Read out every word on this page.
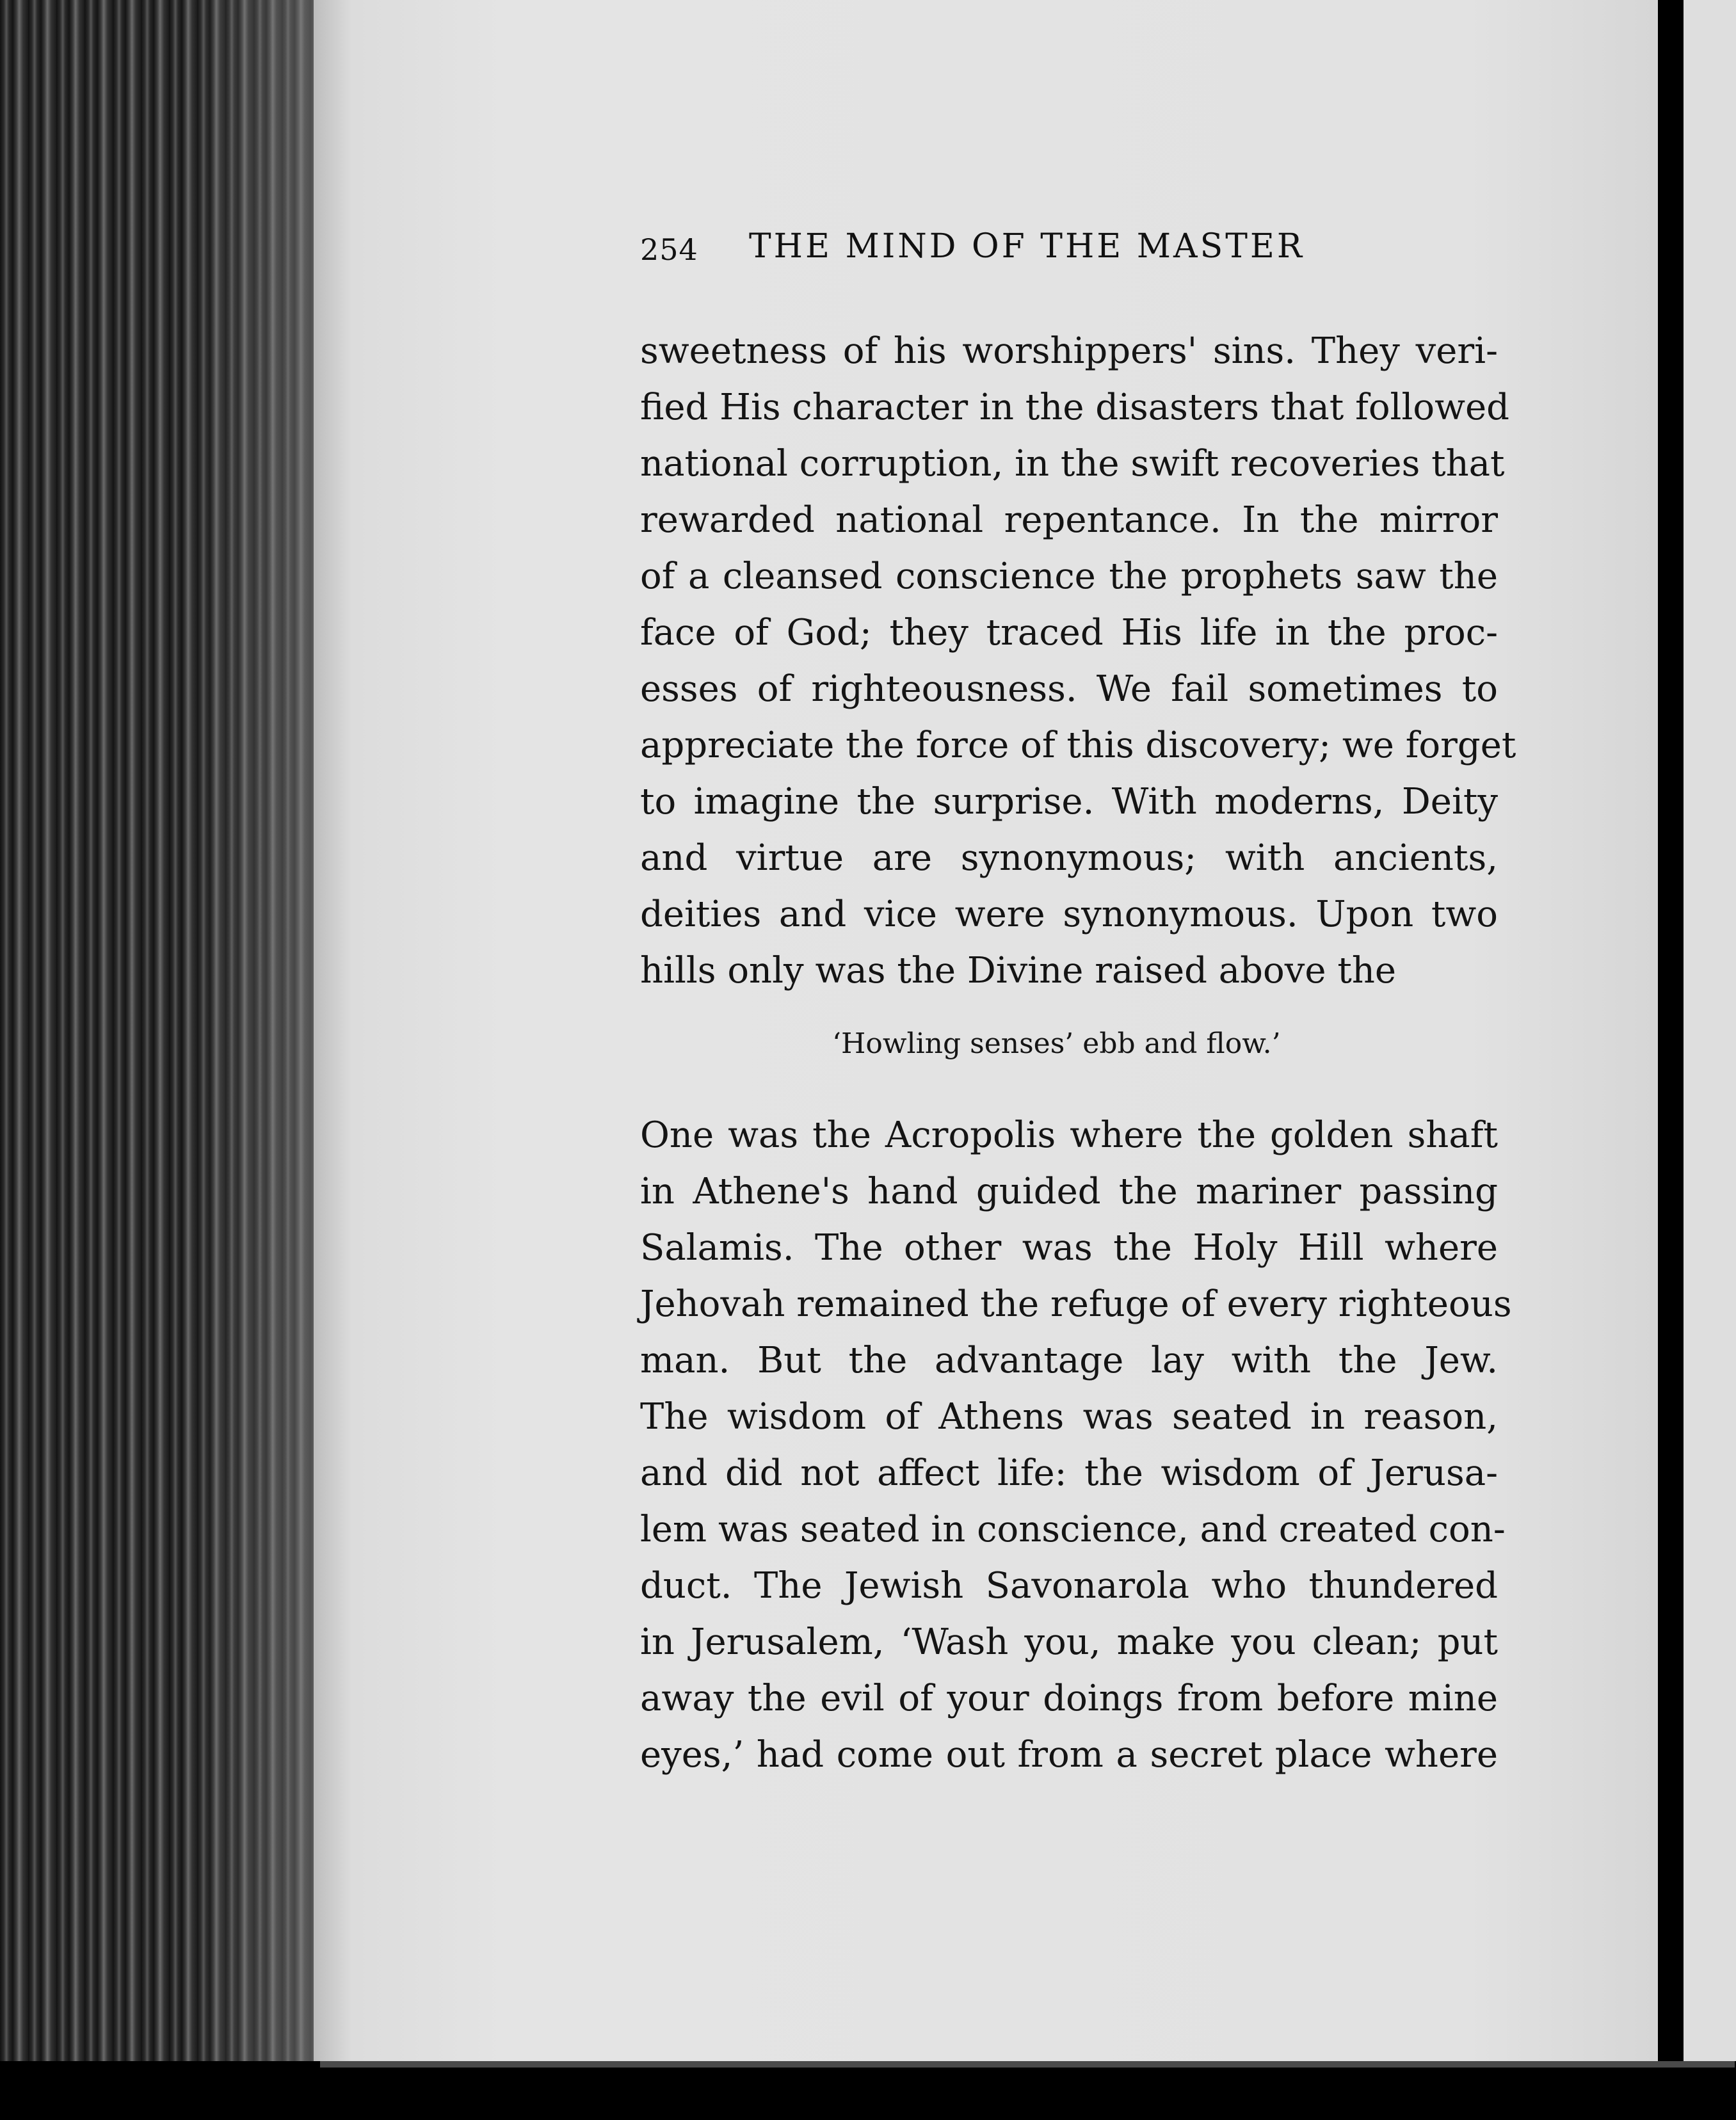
254 THE MIND OF THE MASTER
sweetness of his worshippers' sins. They veri-
fied His character in the disasters that followed
national corruption, in the swift recoveries that
rewarded national repentance. In the mirror
of a cleansed conscience the prophets saw the
face of God; they traced His life in the proc-
esses of righteousness. We fail sometimes to
appreciate the force of this discovery; we forget
to imagine the surprise. With moderns, Deity
and virtue are synonymous; with ancients,
deities and vice were synonymous. Upon two
hills only was the Divine raised above the
‘Howling senses’ ebb and flow.’
One was the Acropolis where the golden shaft
in Athene's hand guided the mariner passing
Salamis. The other was the Holy Hill where
Jehovah remained the refuge of every righteous
man. But the advantage lay with the Jew.
The wisdom of Athens was seated in reason,
and did not affect life: the wisdom of Jerusa-
lem was seated in conscience, and created con-
duct. The Jewish Savonarola who thundered
in Jerusalem, ‘Wash you, make you clean; put
away the evil of your doings from before mine
eyes,’ had come out from a secret place where
